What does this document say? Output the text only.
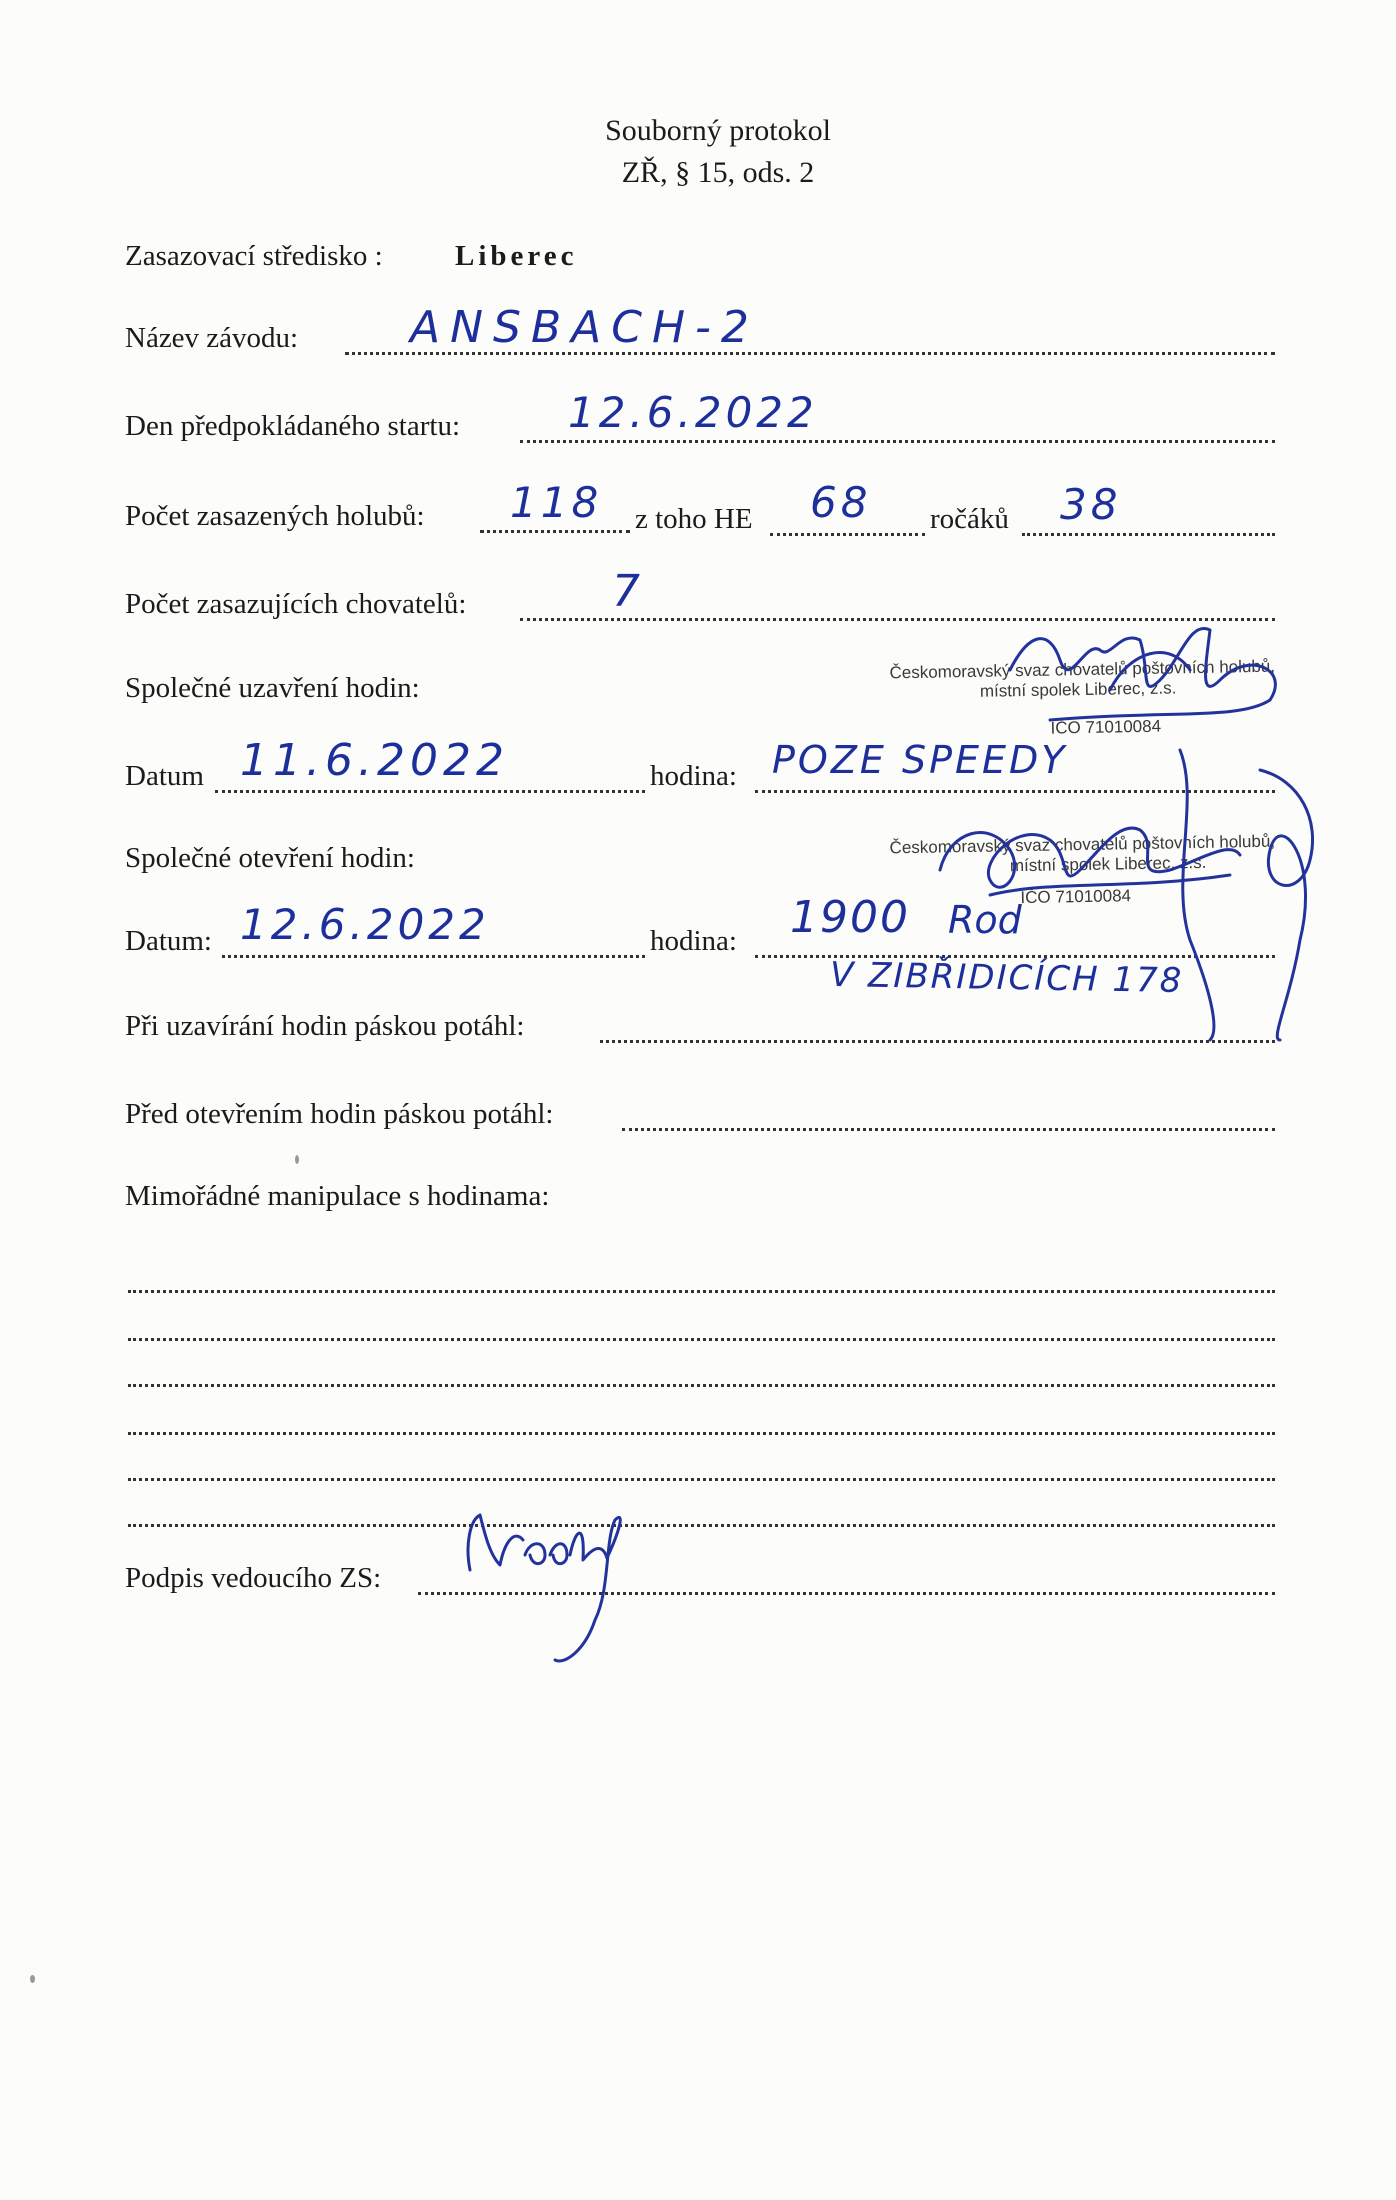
Souborný protokol
ZŘ, § 15, ods. 2
Zasazovací středisko : Liberec
Název závodu:	ANSBACH-2
Den předpokládaného startu:	12.6.2022
Počet zasazených holubů: 118 z toho HE 68 ročáků 38
Počet zasazujících chovatelů:	7
Společné uzavření hodin:
Datum 11.6.2022	hodina: POZE SPEEDY
Společné otevření hodin:
Datum: 12.6.2022	hodina: 1900 Rod
V ZIBŘIDICÍCH 178
Při uzavírání hodin páskou potáhl:
Před otevřením hodin páskou potáhl:
Mimořádné manipulace s hodinama:
Podpis vedoucího ZS:
Českomoravský svaz chovatelů poštovních holubů,
místní spolek Liberec, z.s.
IČO 71010084
Českomoravský svaz chovatelů poštovních holubů,
místní spolek Liberec, z.s.
IČO 71010084
